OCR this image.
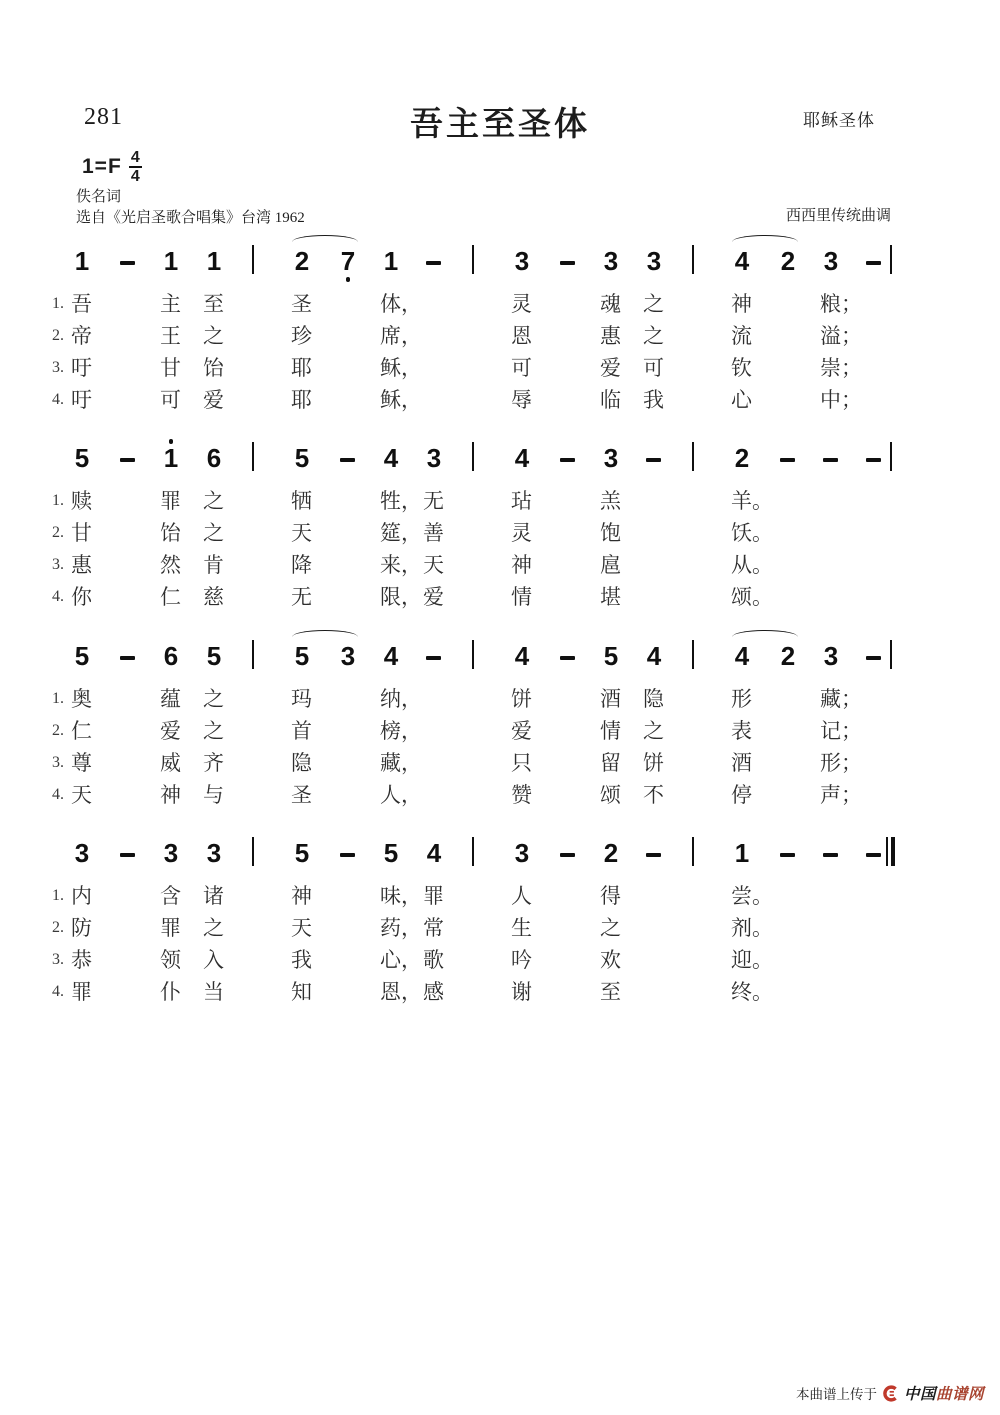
281	吾主至圣体	耶稣圣体
$1=F \frac{4}{4}$
佚名词
选自《光启圣歌合唱集》台湾 1962	西西里传统曲调
1	1 1	2 7 1	3	3 3	4 2 3
1. 吾	主 至	圣	体，	灵	魂 之	神	粮；
2. 帝	王 之	珍	席，	恩	惠 之	流	溢；
3. 吁	甘 饴	耶	稣，	可	爱 可	钦	崇；
4. 吁	可 爱	耶	稣，	辱	临 我	心	中；
5	1 6	5	4 3	4	3	2
1. 赎	罪 之	牺	牲， 无	玷	羔	羊。
2. 甘	饴 之	天	筵， 善	灵	饱	饫。
3. 惠	然 肯	降	来， 天	神	扈	从。
4. 你	仁 慈	无	限， 爱	情	堪	颂。
5	6 5	5 3 4	4	5 4	4 2 3
1. 奥	蕴 之	玛	纳，	饼	酒 隐	形	藏；
2. 仁	爱 之	首	榜，	爱	情 之	表	记；
3. 尊	威 齐	隐	藏，	只	留 饼	酒	形；
4. 天	神 与	圣	人，	赞	颂 不	停	声；
3	3 3	5	5 4	3	2	1
1. 内	含 诸	神	味， 罪	人	得	尝。
2. 防	罪 之	天	药， 常	生	之	剂。
3. 恭	领 入	我	心， 歌	吟	欢	迎。
4. 罪	仆 当	知	恩， 感	谢	至	终。
本曲谱上传于 中国曲谱网
